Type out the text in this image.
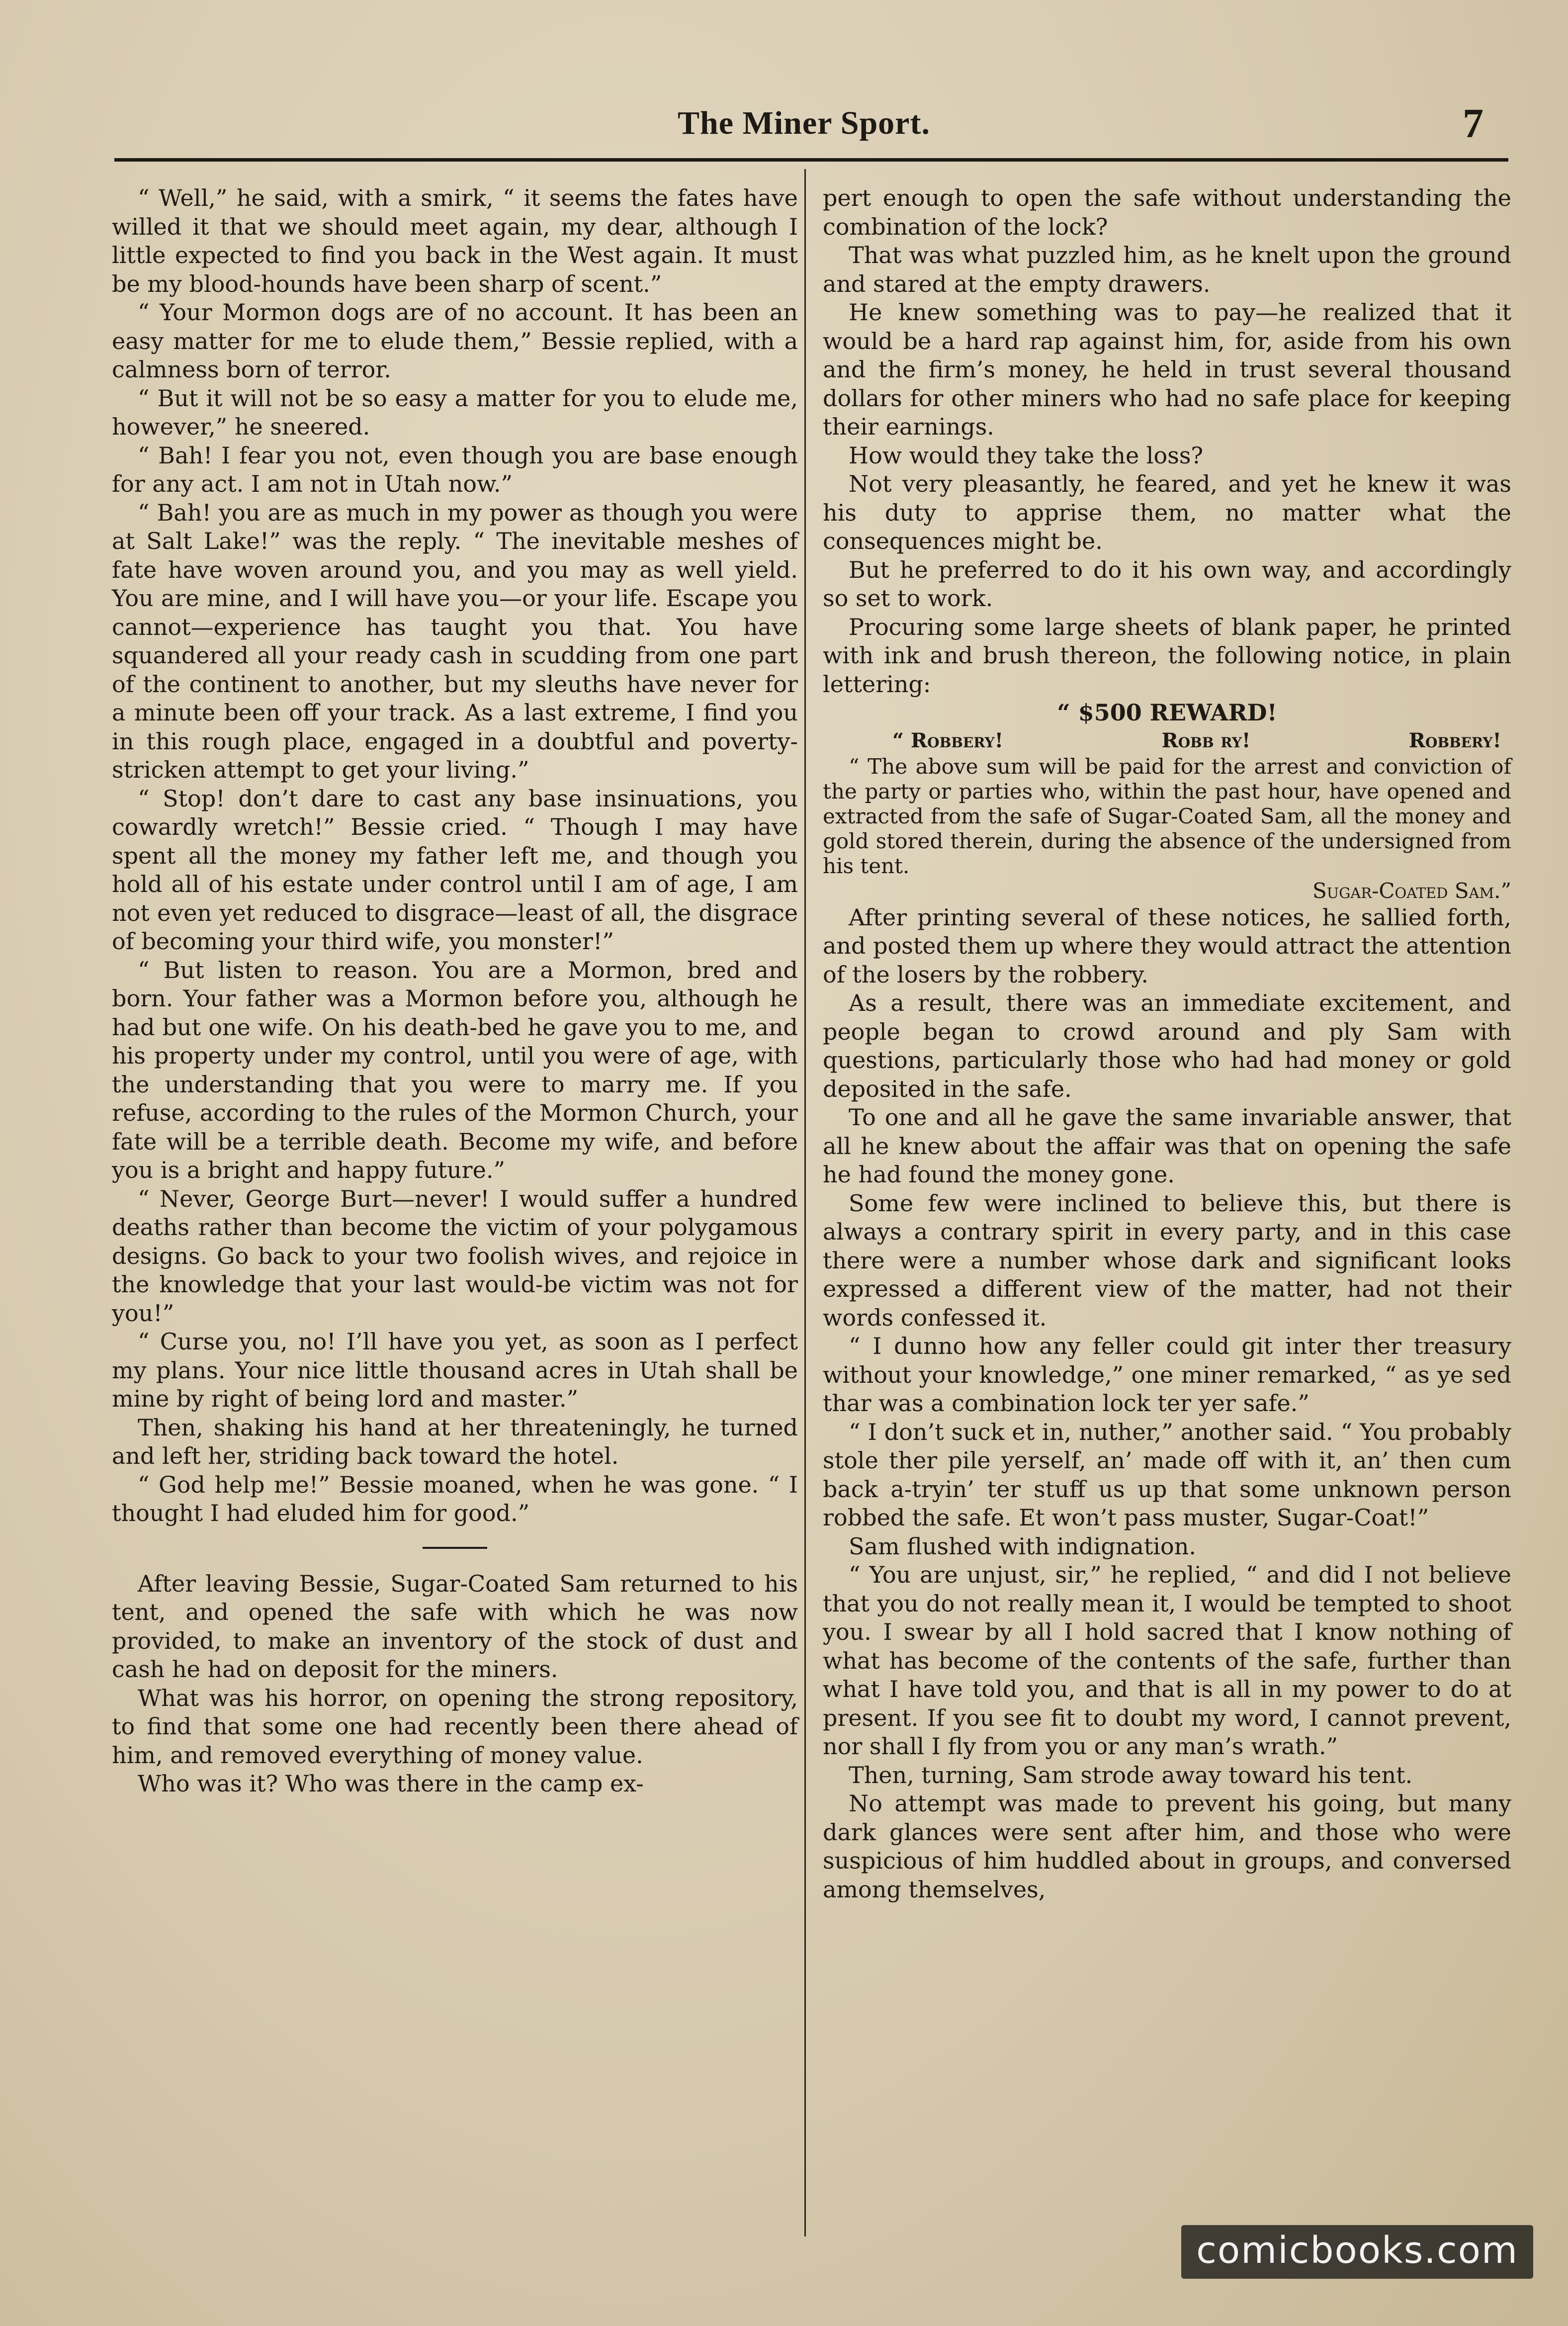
The Miner Sport.	7

“ Well,” he said, with a smirk, “ it seems the fates have willed it that we should meet again, my dear, although I little expected to find you back in the West again. It must be my blood-hounds have been sharp of scent.”

“ Your Mormon dogs are of no account. It has been an easy matter for me to elude them,” Bessie replied, with a calmness born of terror.

“ But it will not be so easy a matter for you to elude me, however,” he sneered.

“ Bah! I fear you not, even though you are base enough for any act. I am not in Utah now.”

“ Bah! you are as much in my power as though you were at Salt Lake!” was the reply. “ The inevitable meshes of fate have woven around you, and you may as well yield. You are mine, and I will have you—or your life. Escape you cannot—experience has taught you that. You have squandered all your ready cash in scudding from one part of the continent to another, but my sleuths have never for a minute been off your track. As a last extreme, I find you in this rough place, engaged in a doubtful and poverty-stricken attempt to get your living.”

“ Stop! don’t dare to cast any base insinuations, you cowardly wretch!” Bessie cried. “ Though I may have spent all the money my father left me, and though you hold all of his estate under control until I am of age, I am not even yet reduced to disgrace—least of all, the disgrace of becoming your third wife, you monster!”

“ But listen to reason. You are a Mormon, bred and born. Your father was a Mormon before you, although he had but one wife. On his death-bed he gave you to me, and his property under my control, until you were of age, with the understanding that you were to marry me. If you refuse, according to the rules of the Mormon Church, your fate will be a terrible death. Become my wife, and before you is a bright and happy future.”

“ Never, George Burt—never! I would suffer a hundred deaths rather than become the victim of your polygamous designs. Go back to your two foolish wives, and rejoice in the knowledge that your last would-be victim was not for you!”

“ Curse you, no! I’ll have you yet, as soon as I perfect my plans. Your nice little thousand acres in Utah shall be mine by right of being lord and master.”

Then, shaking his hand at her threateningly, he turned and left her, striding back toward the hotel.

“ God help me!” Bessie moaned, when he was gone. “ I thought I had eluded him for good.”

After leaving Bessie, Sugar-Coated Sam returned to his tent, and opened the safe with which he was now provided, to make an inventory of the stock of dust and cash he had on deposit for the miners.

What was his horror, on opening the strong repository, to find that some one had recently been there ahead of him, and removed everything of money value.

Who was it? Who was there in the camp ex-

pert enough to open the safe without understanding the combination of the lock?

That was what puzzled him, as he knelt upon the ground and stared at the empty drawers.

He knew something was to pay—he realized that it would be a hard rap against him, for, aside from his own and the firm’s money, he held in trust several thousand dollars for other miners who had no safe place for keeping their earnings.

How would they take the loss?

Not very pleasantly, he feared, and yet he knew it was his duty to apprise them, no matter what the consequences might be.

But he preferred to do it his own way, and accordingly so set to work.

Procuring some large sheets of blank paper, he printed with ink and brush thereon, the following notice, in plain lettering:

“ $500 REWARD!

“ Robbery!	Robb ry!	Robbery!

“ The above sum will be paid for the arrest and conviction of the party or parties who, within the past hour, have opened and extracted from the safe of Sugar-Coated Sam, all the money and gold stored therein, during the absence of the undersigned from his tent.

Sugar-Coated Sam.”

After printing several of these notices, he sallied forth, and posted them up where they would attract the attention of the losers by the robbery.

As a result, there was an immediate excitement, and people began to crowd around and ply Sam with questions, particularly those who had had money or gold deposited in the safe.

To one and all he gave the same invariable answer, that all he knew about the affair was that on opening the safe he had found the money gone.

Some few were inclined to believe this, but there is always a contrary spirit in every party, and in this case there were a number whose dark and significant looks expressed a different view of the matter, had not their words confessed it.

“ I dunno how any feller could git inter ther treasury without your knowledge,” one miner remarked, “ as ye sed thar was a combination lock ter yer safe.”

“ I don’t suck et in, nuther,” another said. “ You probably stole ther pile yerself, an’ made off with it, an’ then cum back a-tryin’ ter stuff us up that some unknown person robbed the safe. Et won’t pass muster, Sugar-Coat!”

Sam flushed with indignation.

“ You are unjust, sir,” he replied, “ and did I not believe that you do not really mean it, I would be tempted to shoot you. I swear by all I hold sacred that I know nothing of what has become of the contents of the safe, further than what I have told you, and that is all in my power to do at present. If you see fit to doubt my word, I cannot prevent, nor shall I fly from you or any man’s wrath.”

Then, turning, Sam strode away toward his tent.

No attempt was made to prevent his going, but many dark glances were sent after him, and those who were suspicious of him huddled about in groups, and conversed among themselves,

comicbooks.com
